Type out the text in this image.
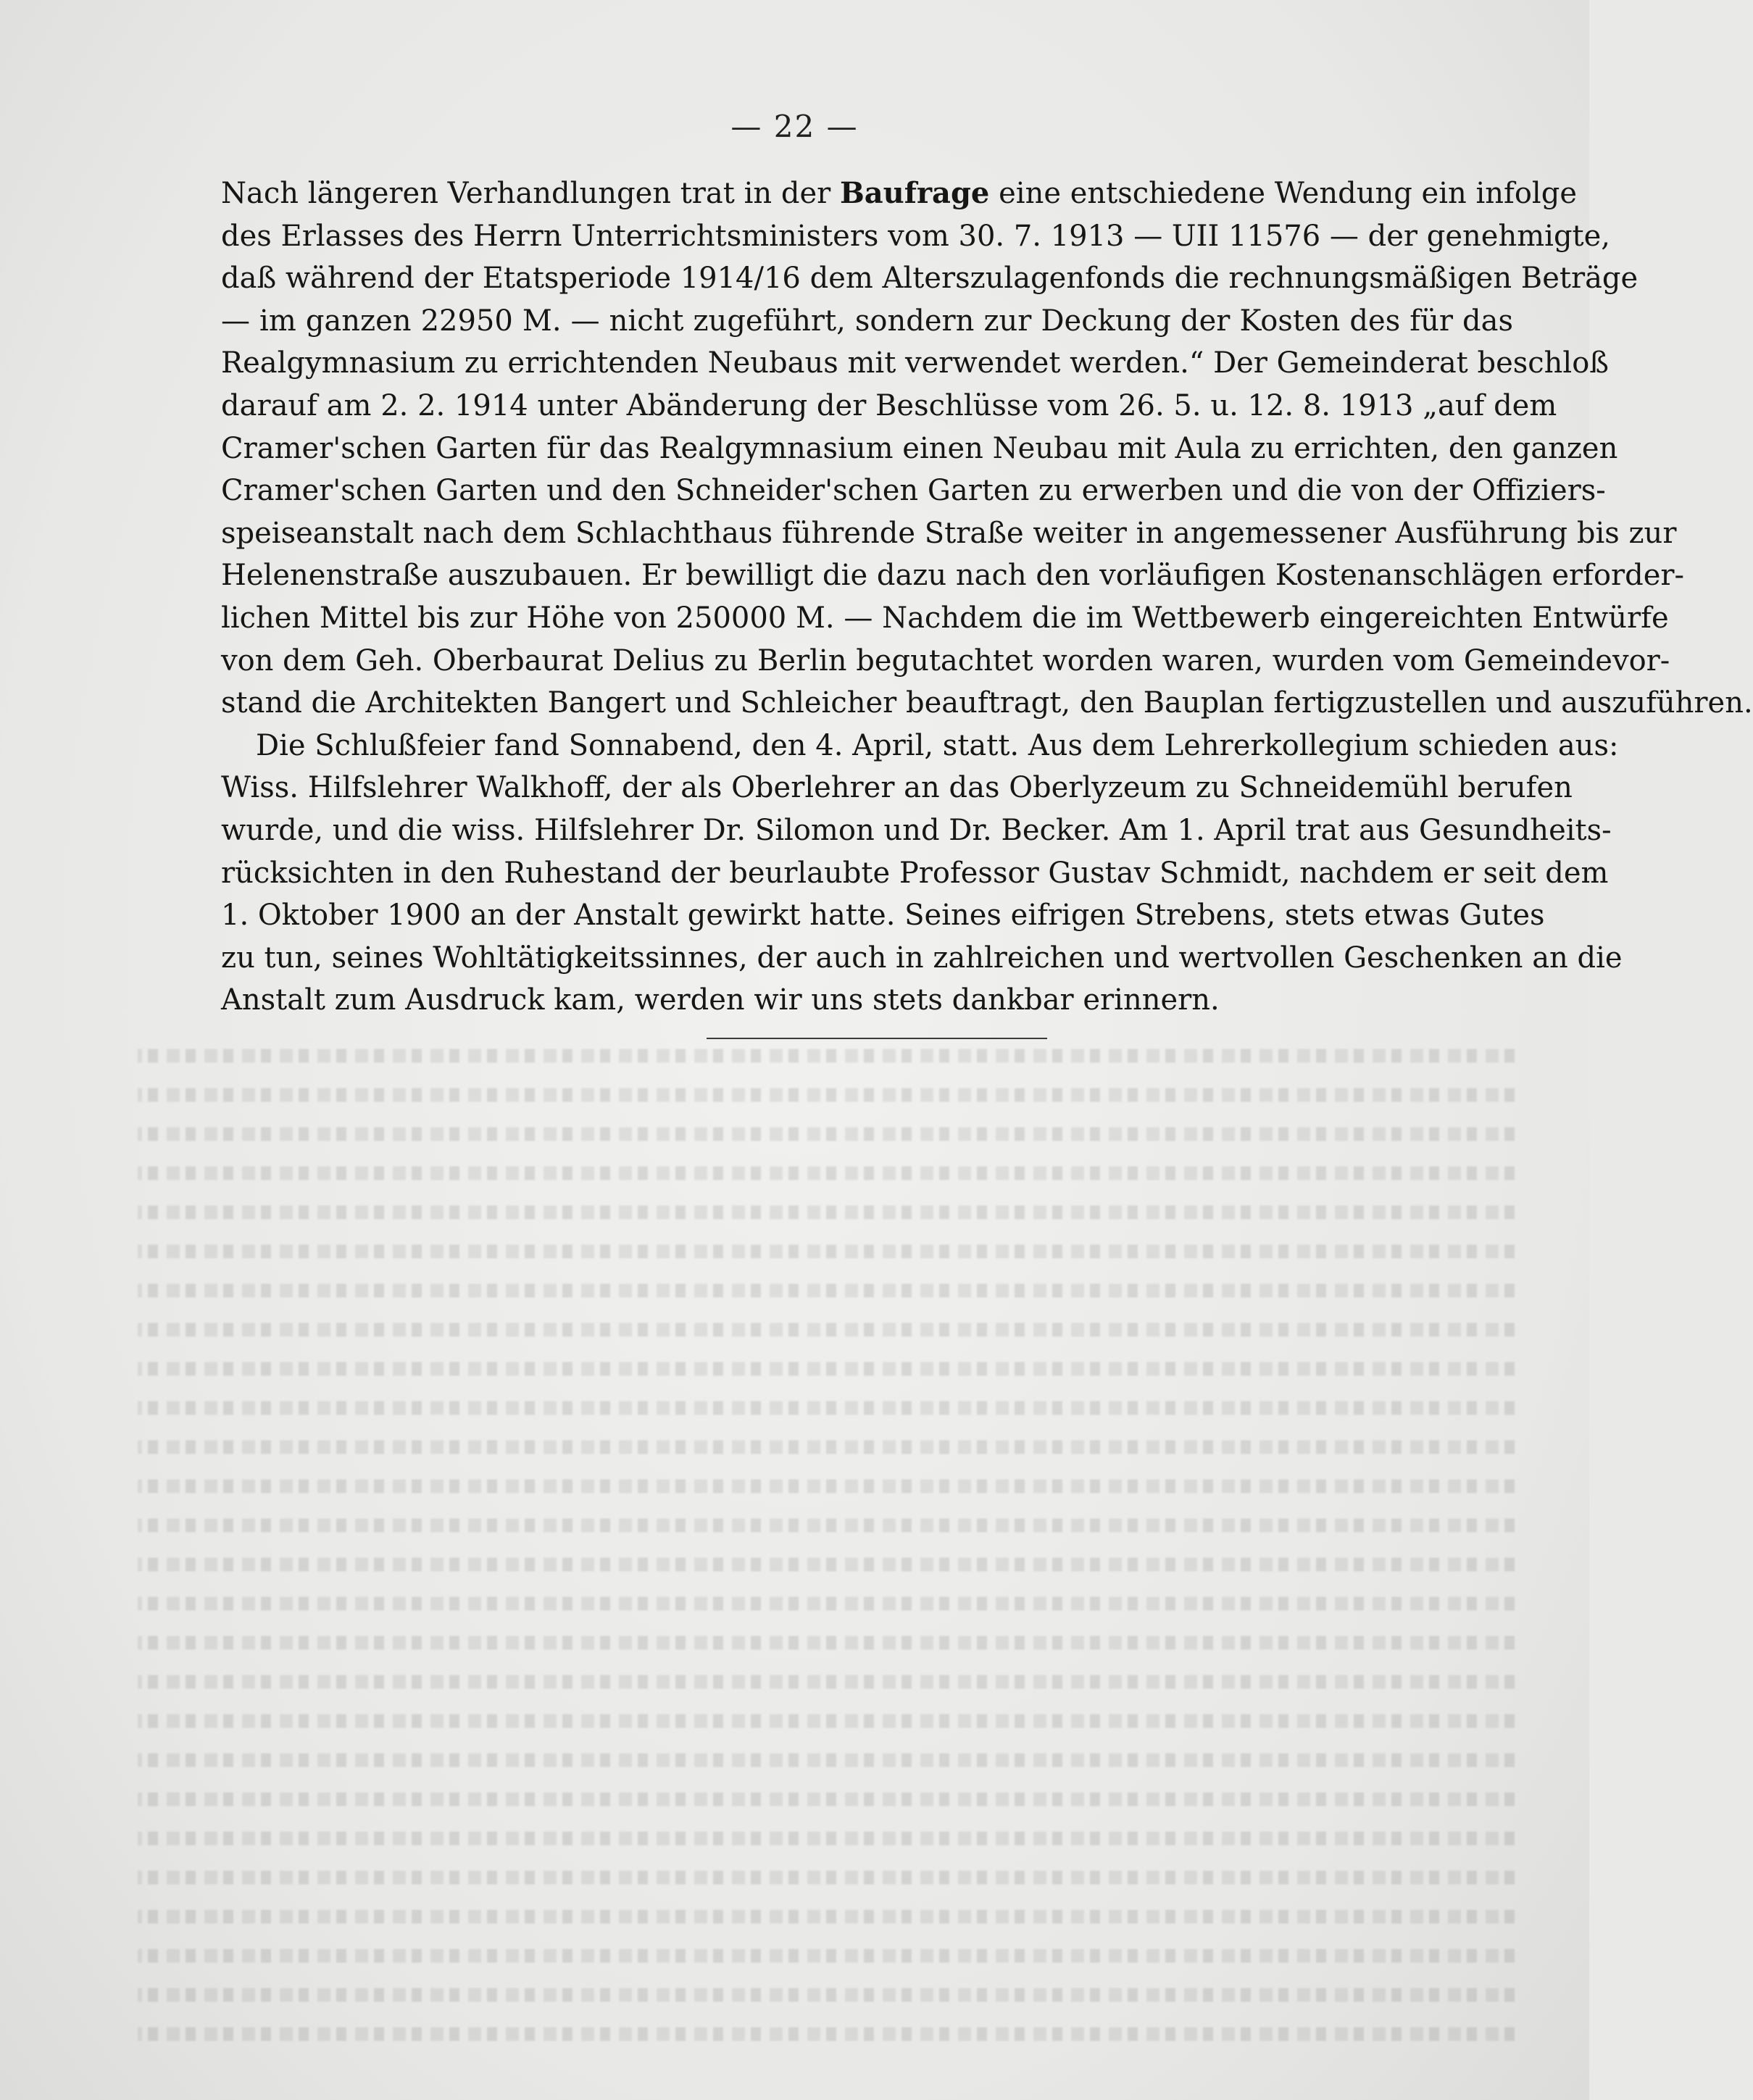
— 22 —
Nach längeren Verhandlungen trat in der Baufrage eine entschiedene Wendung ein infolge
des Erlasses des Herrn Unterrichtsministers vom 30. 7. 1913 — UII 11576 — der genehmigte,
daß während der Etatsperiode 1914/16 dem Alterszulagenfonds die rechnungsmäßigen Beträge
— im ganzen 22950 M. — nicht zugeführt, sondern zur Deckung der Kosten des für das
Realgymnasium zu errichtenden Neubaus mit verwendet werden.“ Der Gemeinderat beschloß
darauf am 2. 2. 1914 unter Abänderung der Beschlüsse vom 26. 5. u. 12. 8. 1913 „auf dem
Cramer'schen Garten für das Realgymnasium einen Neubau mit Aula zu errichten, den ganzen
Cramer'schen Garten und den Schneider'schen Garten zu erwerben und die von der Offiziers-
speiseanstalt nach dem Schlachthaus führende Straße weiter in angemessener Ausführung bis zur
Helenenstraße auszubauen. Er bewilligt die dazu nach den vorläufigen Kostenanschlägen erforder-
lichen Mittel bis zur Höhe von 250000 M. — Nachdem die im Wettbewerb eingereichten Entwürfe
von dem Geh. Oberbaurat Delius zu Berlin begutachtet worden waren, wurden vom Gemeindevor-
stand die Architekten Bangert und Schleicher beauftragt, den Bauplan fertigzustellen und auszuführen.
Die Schlußfeier fand Sonnabend, den 4. April, statt. Aus dem Lehrerkollegium schieden aus:
Wiss. Hilfslehrer Walkhoff, der als Oberlehrer an das Oberlyzeum zu Schneidemühl berufen
wurde, und die wiss. Hilfslehrer Dr. Silomon und Dr. Becker. Am 1. April trat aus Gesundheits-
rücksichten in den Ruhestand der beurlaubte Professor Gustav Schmidt, nachdem er seit dem
1. Oktober 1900 an der Anstalt gewirkt hatte. Seines eifrigen Strebens, stets etwas Gutes
zu tun, seines Wohltätigkeitssinnes, der auch in zahlreichen und wertvollen Geschenken an die
Anstalt zum Ausdruck kam, werden wir uns stets dankbar erinnern.
